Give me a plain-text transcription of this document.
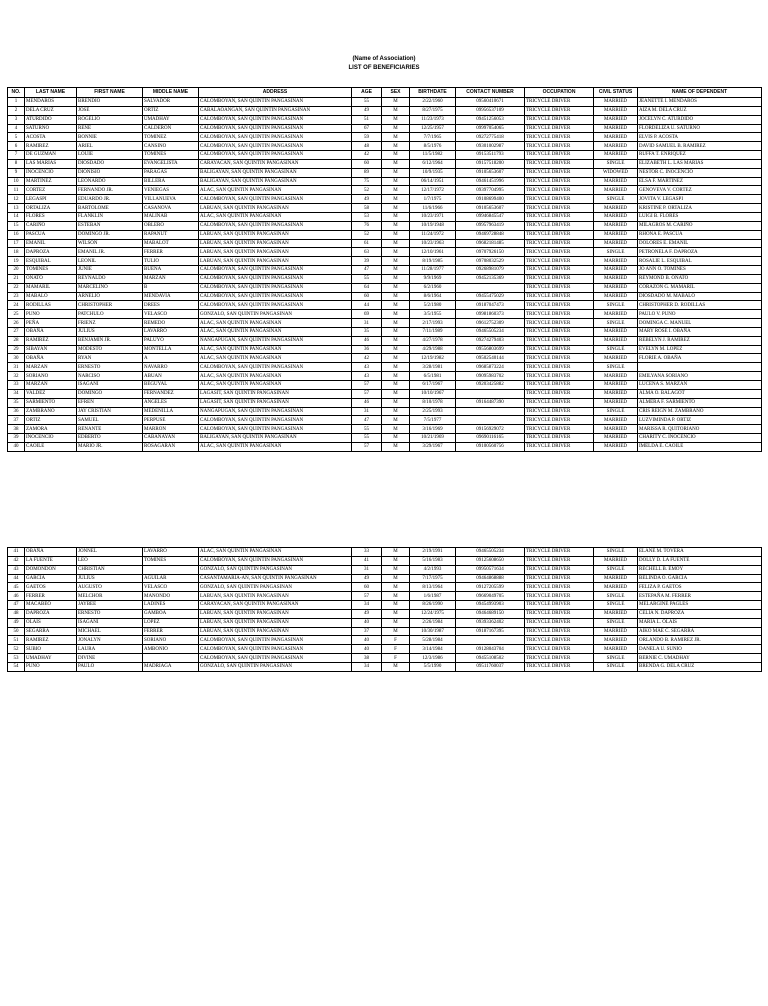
(Name of Association)
LIST OF BENEFICIARIES
NO.	LAST NAME	FIRST NAME	MIDDLE NAME	ADDRESS	AGE	SEX	BIRTHDATE	CONTACT NUMBER	OCCUPATION	CIVIL STATUS	NAME OF DEPENDENT
1	MENDAROS	BRENDIO	SALVADOR	CALOMBOYAN, SAN QUINTIN PANGASINAN	55	M	2/22/1960	09560410671	TRICYCLE DRIVER	MARRIED	JEANETTE I. MENDAROS
2	DELA CRUZ	JOSE	ORTIZ	CABALAOANGAN, SAN QUINTIN PANGASINAN	49	M	8/27/1975	09956537109	TRICYCLE DRIVER	MARRIED	AIZA M. DELA CRUZ
3	ATURDIDO	ROGELIO	UMADHAY	CALOMBOYAN, SAN QUINTIN PANGASINAN	51	M	11/23/1973	09451256053	TRICYCLE DRIVER	MARRIED	JOCELYN C. ATURDIDO
4	SATURNO	RENE	CALDERON	CALOMBOYAN, SAN QUINTIN PANGASINAN	67	M	12/25/1957	09997054065	TRICYCLE DRIVER	MARRIED	FLORDELIZA U. SATURNO
5	ACOSTA	BONNIE	TOMINEZ	CALOMBOYAN, SAN QUINTIN PANGASINAN	59	M	7/7/1965	09272775418	TRICYCLE DRIVER	MARRIED	ELVIS P. ACOSTA
6	RAMIREZ	ARIEL	CANSINO	CALOMBOYAN, SAN QUINTIN PANGASINAN	48	M	8/5/1976	09301002987	TRICYCLE DRIVER	MARRIED	DAVID SAMUEL B. RAMIREZ
7	DE GUZMAN	LOUIE	TOMINES	CALOMBOYAN, SAN QUINTIN PANGASINAN	42	M	11/5/1982	09153511793	TRICYCLE DRIVER	MARRIED	RUFFA T. ENRIQUEZ
8	LAS MARIAS	DIOSDADO	EVANGELISTA	CARAYACAN, SAN QUINTIN PANGASINAN	60	M	6/12/1964	09157518200	TRICYCLE DRIVER	SINGLE	ELIZABETH L. LAS MARIAS
9	INOCENCIO	DIONISIO	PARAGAS	BALIGAYAN, SAN QUINTIN PANGASINAN	89	M	10/9/1935	09105653607	TRICYCLE DRIVER	WIDOWED	NESTOR C. INOCENCIO
10	MARTINEZ	LEONARDO	BILLERA	BALIGAYAN, SAN QUINTIN PANGASINAN	75	M	06/14/1951	09461451996	TRICYCLE DRIVER	MARRIED	ELSA F. MARTINEZ
11	CORTEZ	FERNANDO JR.	VENIEGAS	ALAC, SAN QUINTIN PANGASINAN	52	M	12/17/1972	09397704995	TRICYCLE DRIVER	MARRIED	GENOVEVA V. CORTEZ
12	LEGASPI	EDUARDO JR.	VILLANUEVA	CALOMBOYAN, SAN QUINTIN PANGASINAN	49	M	1/7/1975	09108699400	TRICYCLE DRIVER	SINGLE	JOVITA V. LEGASPI
13	ORTALIZA	BARTOLOME	CASANOVA	LABUAN, SAN QUINTIN PANGASINAN	58	M	11/6/1966	09105653607	TRICYCLE DRIVER	MARRIED	KRISTINE P. ORTALIZA
14	FLORES	FLANKLIN	MALINAB	ALAC, SAN QUINTIN PANGASINAN	53	M	10/23/1971	09946845547	TRICYCLE DRIVER	MARRIED	LUIGI B. FLORES
15	CARIÑO	ESTEBAN	OBLERO	CALOMBOYAN, SAN QUINTIN PANGASINAN	76	M	10/19/1948	09957963419	TRICYCLE DRIVER	MARRIED	MILAGROS M. CARIÑO
16	PASCUA	DOMINGO JR.	RAPANUT	LABUAN, SAN QUINTIN PANGASINAN	52	M	11/24/1972	09469728848	TRICYCLE DRIVER	MARRIED	RHONA E. PASCUA
17	EMANIL	WILSON	MABALOT	LABUAN, SAN QUINTIN PANGASINAN	61	M	10/23/1963	09682181485	TRICYCLE DRIVER	MARRIED	DOLORES E. EMANIL
18	DAPROZA	EMANIL JR.	FERRER	LABUAN, SAN QUINTIN PANGASINAN	63	M	12/10/1961	09707926150	TRICYCLE DRIVER	SINGLE	PETRONELA F. DAPROZA
19	ESQUIBAL	LEONIL	TULIO	LABUAN, SAN QUINTIN PANGASINAN	39	M	8/19/1985	09708032529	TRICYCLE DRIVER	MARRIED	ROSALIE L. ESQUIBAL
20	TOMINES	JUNIE	BUENA	CALOMBOYAN, SAN QUINTIN PANGASINAN	47	M	11/28/1977	09268981079	TRICYCLE DRIVER	MARRIED	JO ANN O. TOMINES
21	ONATO	REYNALDO	MARZAN	CALOMBOYAN, SAN QUINTIN PANGASINAN	55	M	9/9/1969	09452135369	TRICYCLE DRIVER	MARRIED	REYMOND B. ONATO
22	MAMARIL	MARCELINO	B	CALOMBOYAN, SAN QUINTIN PANGASINAN	64	M	6/2/1960		TRICYCLE DRIVER	MARRIED	CORAZON G. MAMARIL
23	MABALO	ARNELIO	MENDAVIA	CALOMBOYAN, SAN QUINTIN PANGASINAN	60	M	8/6/1964	09455475029	TRICYCLE DRIVER	MARRIED	DIOSDADO M. MABALO
24	RODILLAS	CHRISTOPHER	DREES	CALOMBOYAN, SAN QUINTIN PANGASINAN	44	M	5/2/1980	09187047473	TRICYCLE DRIVER	SINGLE	CHRISTOPHER D. RODILLAS
25	PUNO	PATCHULO	VELASCO	GONZALO, SAN QUINTIN PANGASINAN	69	M	3/5/1955	09981860373	TRICYCLE DRIVER	MARRIED	PAULO V. PUNO
26	PEÑA	FRIENZ	REMEDO	ALAC, SAN QUINTIN PANGASINAN	31	M	2/17/1993	09612752309	TRICYCLE DRIVER	SINGLE	DOMINGA C. MANUEL
27	OBAÑA	JULIUS	LAVARRO	ALAC, SAN QUINTIN PANGASINAN	35	M	7/11/1989	09465505234	TRICYCLE DRIVER	MARRIED	MARY ROSE I. OBAÑA
28	RAMIREZ	BENJAMIN JR.	PALUYO	NANGAPUGAN, SAN QUINTIN PANGASINAN	46	M	4/27/1978	09274279403	TRICYCLE DRIVER	MARRIED	REBELYN J. RAMIREZ
29	SIBAYAN	MODESTO	MONTELLA	ALAC, SAN QUINTIN PANGASINAN	36	M	4/29/1988	09556803699	TRICYCLE DRIVER	SINGLE	EVELYN M. LOPEZ
30	OBAÑA	RYAN	A	ALAC, SAN QUINTIN PANGASINAN	42	M	12/19/1982	09502540144	TRICYCLE DRIVER	MARRIED	FLORIE A. OBAÑA
31	MARZAN	ERNESTO	NAVARRO	CALOMBOYAN, SAN QUINTIN PANGASINAN	43	M	3/28/1981	09685873224	TRICYCLE DRIVER	SINGLE	
32	SORIANO	NARCISO	ABUAN	ALAC, SAN QUINTIN PANGASINAN	43	M	6/5/1981	09095983702	TRICYCLE DRIVER	MARRIED	EMILYANA SORIANO
33	MARZAN	ISAGANI	BEGUYAL	ALAC, SAN QUINTIN PANGASINAN	57	M	6/17/1967	09203425882	TRICYCLE DRIVER	MARRIED	LUCENA S. MARZAN
34	VALDEZ	DOMINGO	FERNANDEZ	LAGASIT, SAN QUINTIN PANGASINAN	57	M	10/10/1967		TRICYCLE DRIVER	MARRIED	ALMA O. BALAGOT
35	SARMIENTO	EFREN	ANGELES	LAGASIT, SAN QUINTIN PANGASINAN	46	M	8/10/1978	09164487390	TRICYCLE DRIVER	MARRIED	ALMERA F. SARMIENTO
36	ZAMBRANO	JAY CRISTIAN	MEDENILLA	NANGAPUGAN, SAN QUINTIN PANGASINAN	31	M	2/25/1993		TRICYCLE DRIVER	SINGLE	CRIS REIGN M. ZAMBRANO
37	ORTIZ	SAMUEL	PERPUSE	CALOMBOYAN, SAN QUINTIN PANGASINAN	47	M	7/5/1977		TRICYCLE DRIVER	MARRIED	LUZVIMINDA P. ORTIZ
38	ZAMORA	RENANTE	MARRON	CALOMBOYAN, SAN QUINTIN PANGASINAN	55	M	3/16/1969	09156929072	TRICYCLE DRIVER	MARRIED	MARISSA R. QUITORIANO
39	INOCENCIO	EDBERTO	CABANAYAN	BALIGAYAN, SAN QUINTIN PANGASINAN	55	M	10/21/1969	09690116165	TRICYCLE DRIVER	MARRIED	CHARITY C. INOCENCIO
40	CAOILE	MARIO JR.	ROSAGARAN	ALAC, SAN QUINTIN PANGASINAN	57	M	3/29/1967	09100560756	TRICYCLE DRIVER	MARRIED	IMELDA E. CAOILE
41	OBAÑA	JONNEL	LAVARRO	ALAC, SAN QUINTIN PANGASINAN	33	M	2/19/1991	09465505234	TRICYCLE DRIVER	SINGLE	ELANE M. TOVERA
42	LA FUENTE	LEO	TOMINES	CALOMBOYAN, SAN QUINTIN PANGASINAN	41	M	5/16/1983	09125608650	TRICYCLE DRIVER	MARRIED	DOLLY D. LA FUENTE
43	DOMONDON	CHRISTIAN		GONZALO, SAN QUINTIN PANGASINAN	31	M	4/2/1993	09950571634	TRICYCLE DRIVER	SINGLE	RECHELL B. EMOY
44	GARCIA	JULIUS	AGUILAR	CASANTAMARIA-AN, SAN QUINTIN PANGASINAN	49	M	7/17/1975	09464868888	TRICYCLE DRIVER	MARRIED	BELINDA O. GARCIA
45	GAETOS	AUGUSTO	VELASCO	GONZALO, SAN QUINTIN PANGASINAN	60	M	8/13/1964	09127205599	TRICYCLE DRIVER	MARRIED	FELIZA P. GAETOS
46	FERRER	MELCHOR	MANONDO	LABUAN, SAN QUINTIN PANGASINAN	57	M	1/6/1987	09669049705	TRICYCLE DRIVER	SINGLE	ESTEPAÑA M. FERRER
47	MACABEO	JAYBEE	LADINES	CARAYACAN, SAN QUINTIN PANGASINAN	34	M	8/26/1990	09454993903	TRICYCLE DRIVER	SINGLE	MELARGINE PAGLES
48	DAPROZA	ERNESTO	GAMBOA	LABUAN, SAN QUINTIN PANGASINAN	49	M	12/24/1975	09464689150	TRICYCLE DRIVER	MARRIED	CELIA N. DAPROZA
49	OLAIS	ISAGANI	LOPEZ	LABUAN, SAN QUINTIN PANGASINAN	40	M	2/26/1984	09393362402	TRICYCLE DRIVER	SINGLE	MARIA L. OLAIS
50	SEGARRA	MICHAEL	FERRER	LABUAN, SAN QUINTIN PANGASINAN	37	M	10/30/1987	09187167395	TRICYCLE DRIVER	MARRIED	AIKO MAE C. SEGARRA
51	RAMIREZ	JONALYN	SORIANO	CALOMBOYAN, SAN QUINTIN PANGASINAN	40	F	5/28/1984		TRICYCLE DRIVER	MARRIED	ORLANDO B. RAMIREZ JR.
52	SUBIO	LAURA	AMBONIO	CALOMBOYAN, SAN QUINTIN PANGASINAN	40	F	3/14/1984	09128043704	TRICYCLE DRIVER	MARRIED	DANELA U. SUNIO
53	UMADHAY	DIVINE		CALOMBOYAN, SAN QUINTIN PANGASINAN	38	F	12/3/1986	09455108502	TRICYCLE DRIVER	SINGLE	BERNIE C. UMADHAY
54	PUNO	PAULO	MADRIAGA	GONZALO, SAN QUINTIN PANGASINAN	34	M	5/5/1990	09511760037	TRICYCLE DRIVER	SINGLE	BRENDA G. DELA CRUZ
